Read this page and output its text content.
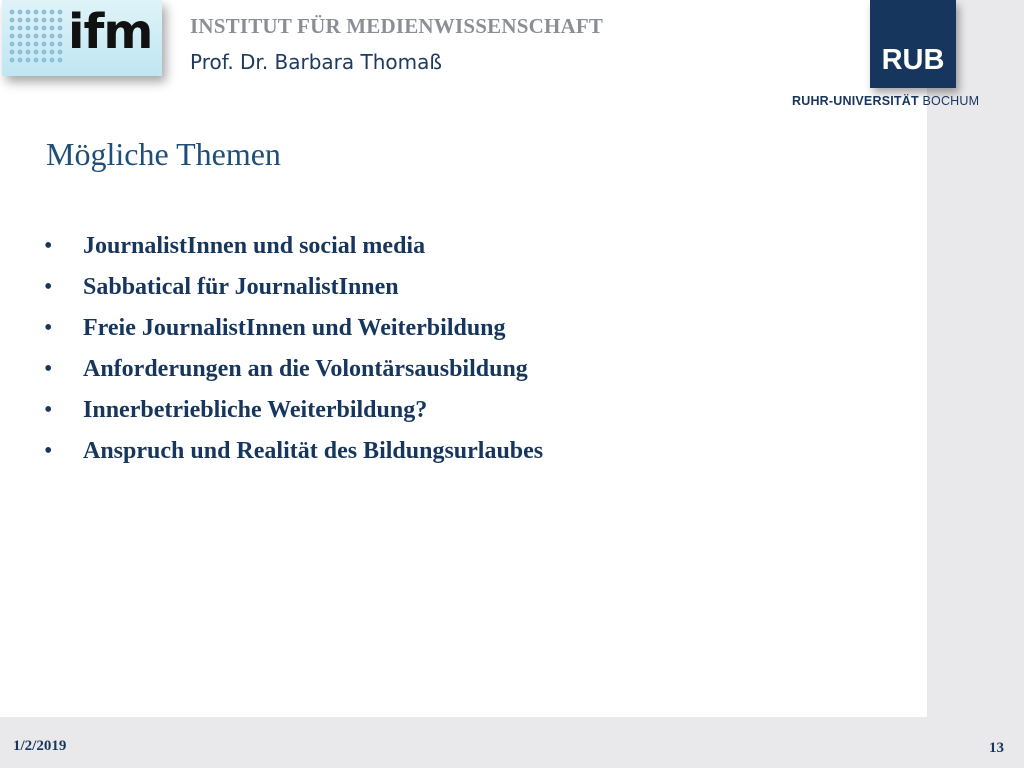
ifm INSTITUT FÜR MEDIENWISSENSCHAFT
Prof. Dr. Barbara Thomaß	RUB
RUHR-UNIVERSITÄT BOCHUM
Mögliche Themen
• JournalistInnen und social media
• Sabbatical für JournalistInnen
• Freie JournalistInnen und Weiterbildung
• Anforderungen an die Volontärsausbildung
• Innerbetriebliche Weiterbildung?
• Anspruch und Realität des Bildungsurlaubes
1/2/2019	13
